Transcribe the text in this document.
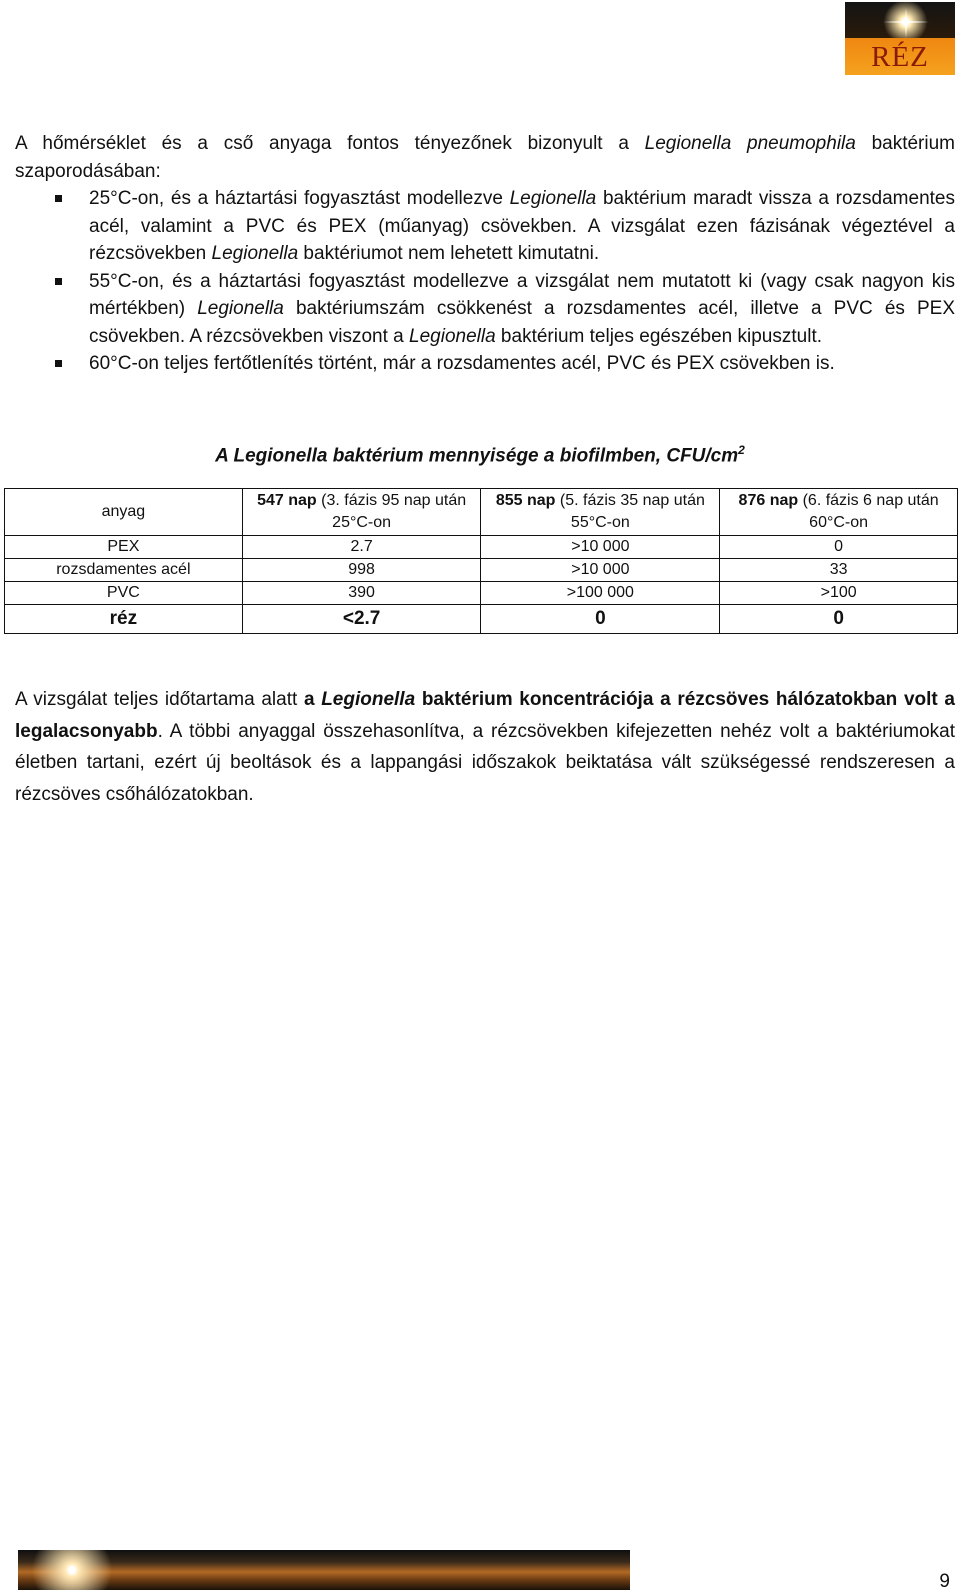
RÉZ
A hőmérséklet és a cső anyaga fontos tényezőnek bizonyult a Legionella pneumophila baktérium szaporodásában:
25°C-on, és a háztartási fogyasztást modellezve Legionella baktérium maradt vissza a rozsdamentes acél, valamint a PVC és PEX (műanyag) csövekben. A vizsgálat ezen fázisának végeztével a rézcsövekben Legionella baktériumot nem lehetett kimutatni.
55°C-on, és a háztartási fogyasztást modellezve a vizsgálat nem mutatott ki (vagy csak nagyon kis mértékben) Legionella baktériumszám csökkenést a rozsdamentes acél, illetve a PVC és PEX csövekben. A rézcsövekben viszont a Legionella baktérium teljes egészében kipusztult.
60°C-on teljes fertőtlenítés történt, már a rozsdamentes acél, PVC és PEX csövekben is.
A Legionella baktérium mennyisége a biofilmben, CFU/$cm^2$
anyag	547 nap (3. fázis 95 nap után 25°C-on	855 nap (5. fázis 35 nap után 55°C-on	876 nap (6. fázis 6 nap után 60°C-on
PEX	2.7	>10 000	0
rozsdamentes acél	998	>10 000	33
PVC	390	>100 000	>100
réz	<2.7	0	0
A vizsgálat teljes időtartama alatt a Legionella baktérium koncentrációja a rézcsöves hálózatokban volt a legalacsonyabb. A többi anyaggal összehasonlítva, a rézcsövekben kifejezetten nehéz volt a baktériumokat életben tartani, ezért új beoltások és a lappangási időszakok beiktatása vált szükségessé rendszeresen a rézcsöves csőhálózatokban.
9
